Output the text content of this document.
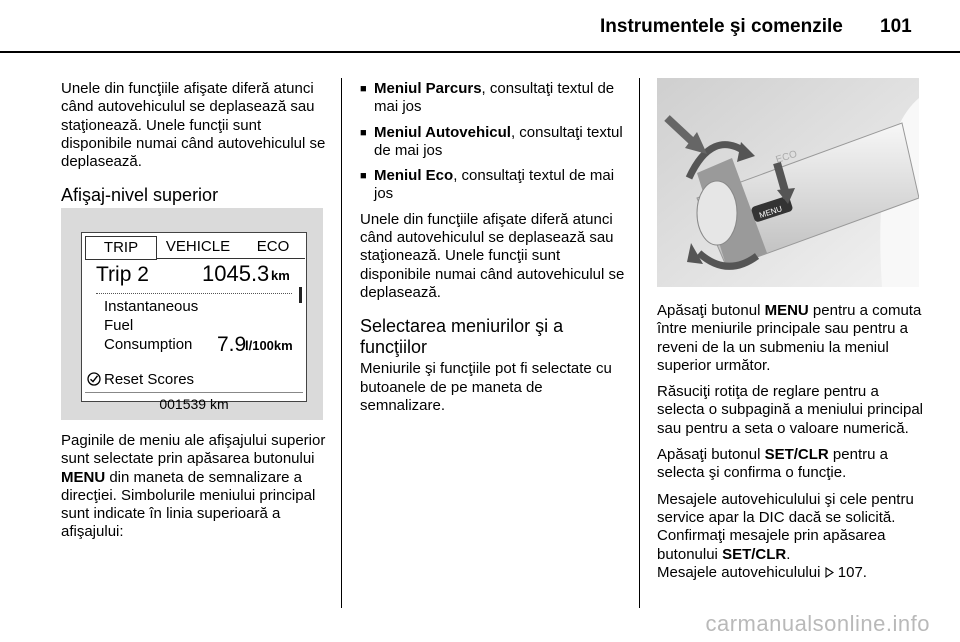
Instrumentele şi comenzile 101

Unele din funcţiile afişate diferă atunci când autovehiculul se deplasează sau staţionează. Unele funcţii sunt disponibile numai când autovehiculul se deplasează.

Afişaj-nivel superior
TRIP	VEHICLE	ECO
Trip 2 1045.3 km
Instantaneous
Fuel
Consumption 7.9
l/100km
Reset Scores
001539 km

Paginile de meniu ale afişajului superior sunt selectate prin apăsarea butonului MENU din maneta de semnalizare a direcţiei. Simbolurile meniului principal sunt indicate în linia superioară a afişajului:

■ Meniul Parcurs, consultaţi textul de mai jos
■ Meniul Autovehicul, consultaţi textul de mai jos
■ Meniul Eco, consultaţi textul de mai jos

Unele din funcţiile afişate diferă atunci când autovehiculul se deplasează sau staţionează. Unele funcţii sunt disponibile numai când autovehiculul se deplasează.

Selectarea meniurilor şi a funcţiilor

Meniurile şi funcţiile pot fi selectate cu butoanele de pe maneta de semnalizare.

MENU
ECO

Apăsaţi butonul MENU pentru a comuta între meniurile principale sau pentru a reveni de la un submeniu la meniul superior următor.

Răsuciţi rotiţa de reglare pentru a selecta o subpagină a meniului principal sau pentru a seta o valoare numerică.

Apăsaţi butonul SET/CLR pentru a selecta şi confirma o funcţie.

Mesajele autovehiculului şi cele pentru service apar la DIC dacă se solicită. Confirmaţi mesajele prin apăsarea butonului SET/CLR.

Mesajele autovehiculului  107.

carmanualsonline.info
